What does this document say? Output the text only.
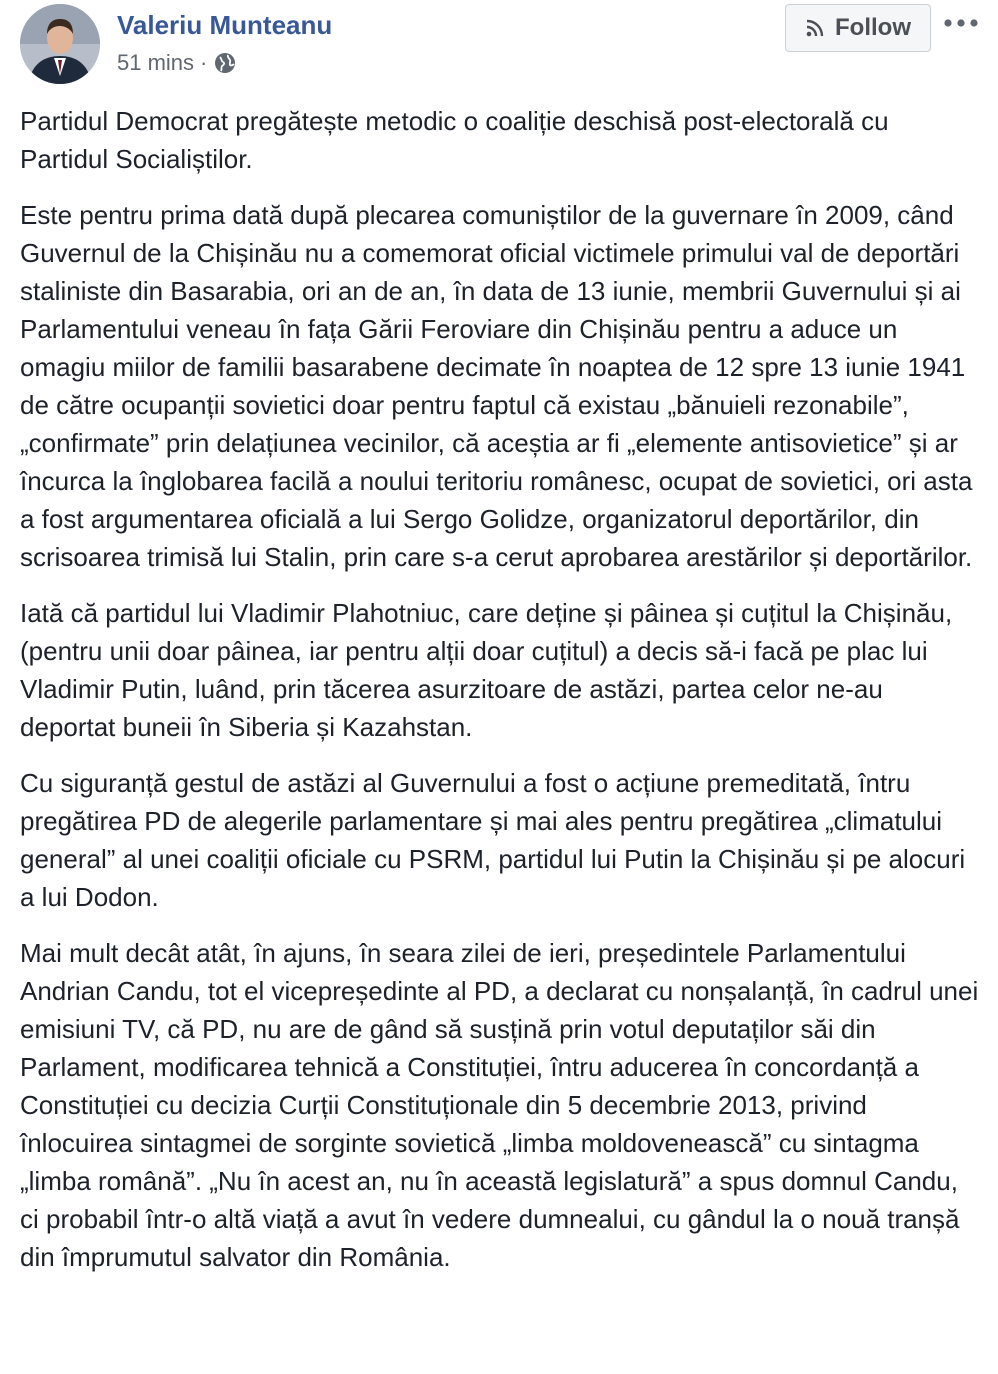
Valeriu Munteanu
51 mins ·
Follow

Partidul Democrat pregătește metodic o coaliție deschisă post-electorală cu Partidul Socialiștilor.

Este pentru prima dată după plecarea comuniștilor de la guvernare în 2009, când Guvernul de la Chișinău nu a comemorat oficial victimele primului val de deportări staliniste din Basarabia, ori an de an, în data de 13 iunie, membrii Guvernului și ai Parlamentului veneau în fața Gării Feroviare din Chișinău pentru a aduce un omagiu miilor de familii basarabene decimate în noaptea de 12 spre 13 iunie 1941 de către ocupanții sovietici doar pentru faptul că existau „bănuieli rezonabile”, „confirmate” prin delațiunea vecinilor, că aceștia ar fi „elemente antisovietice” și ar încurca la înglobarea facilă a noului teritoriu românesc, ocupat de sovietici, ori asta a fost argumentarea oficială a lui Sergo Golidze, organizatorul deportărilor, din scrisoarea trimisă lui Stalin, prin care s-a cerut aprobarea arestărilor și deportărilor.

Iată că partidul lui Vladimir Plahotniuc, care deține și pâinea și cuțitul la Chișinău, (pentru unii doar pâinea, iar pentru alții doar cuțitul) a decis să-i facă pe plac lui Vladimir Putin, luând, prin tăcerea asurzitoare de astăzi, partea celor ne-au deportat buneii în Siberia și Kazahstan.

Cu siguranță gestul de astăzi al Guvernului a fost o acțiune premeditată, întru pregătirea PD de alegerile parlamentare și mai ales pentru pregătirea „climatului general” al unei coaliții oficiale cu PSRM, partidul lui Putin la Chișinău și pe alocuri a lui Dodon.

Mai mult decât atât, în ajuns, în seara zilei de ieri, președintele Parlamentului Andrian Candu, tot el vicepreședinte al PD, a declarat cu nonșalanță, în cadrul unei emisiuni TV, că PD, nu are de gând să susțină prin votul deputaților săi din Parlament, modificarea tehnică a Constituției, întru aducerea în concordanță a Constituției cu decizia Curții Constituționale din 5 decembrie 2013, privind înlocuirea sintagmei de sorginte sovietică „limba moldovenească” cu sintagma „limba română”. „Nu în acest an, nu în această legislatură” a spus domnul Candu, ci probabil într-o altă viață a avut în vedere dumnealui, cu gândul la o nouă tranșă din împrumutul salvator din România.
